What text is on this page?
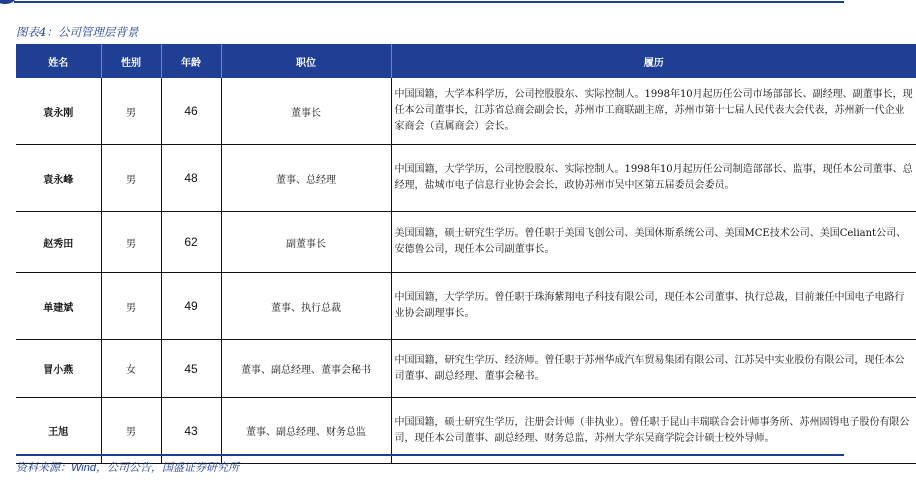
图表4：公司管理层背景
姓名	性别	年龄	职位	履历
袁永刚	男	46	董事长	中国国籍，大学本科学历，公司控股股东、实际控制人。1998年10月起历任公司市场部部长、副经理、副董事长，现任本公司董事长，江苏省总商会副会长，苏州市工商联副主席，苏州市第十七届人民代表大会代表，苏州新一代企业家商会（直属商会）会长。
袁永峰	男	48	董事、总经理	中国国籍，大学学历，公司控股股东、实际控制人。1998年10月起历任公司制造部部长、监事，现任本公司董事、总经理，盐城市电子信息行业协会会长，政协苏州市吴中区第五届委员会委员。
赵秀田	男	62	副董事长	美国国籍，硕士研究生学历。曾任职于美国飞创公司、美国休斯系统公司、美国MCE技术公司、美国Celiant公司、安德鲁公司，现任本公司副董事长。
单建斌	男	49	董事、执行总裁	中国国籍，大学学历。曾任职于珠海紫翔电子科技有限公司，现任本公司董事、执行总裁，目前兼任中国电子电路行业协会副理事长。
冒小燕	女	45	董事、副总经理、董事会秘书	中国国籍，研究生学历、经济师。曾任职于苏州华成汽车贸易集团有限公司、江苏吴中实业股份有限公司，现任本公司董事、副总经理、董事会秘书。
王旭	男	43	董事、副总经理、财务总监	中国国籍，硕士研究生学历，注册会计师（非执业）。曾任职于昆山丰瑞联合会计师事务所、苏州固锝电子股份有限公司，现任本公司董事、副总经理、财务总监，苏州大学东吴商学院会计硕士校外导师。
资料来源：Wind，公司公告，国盛证券研究所
